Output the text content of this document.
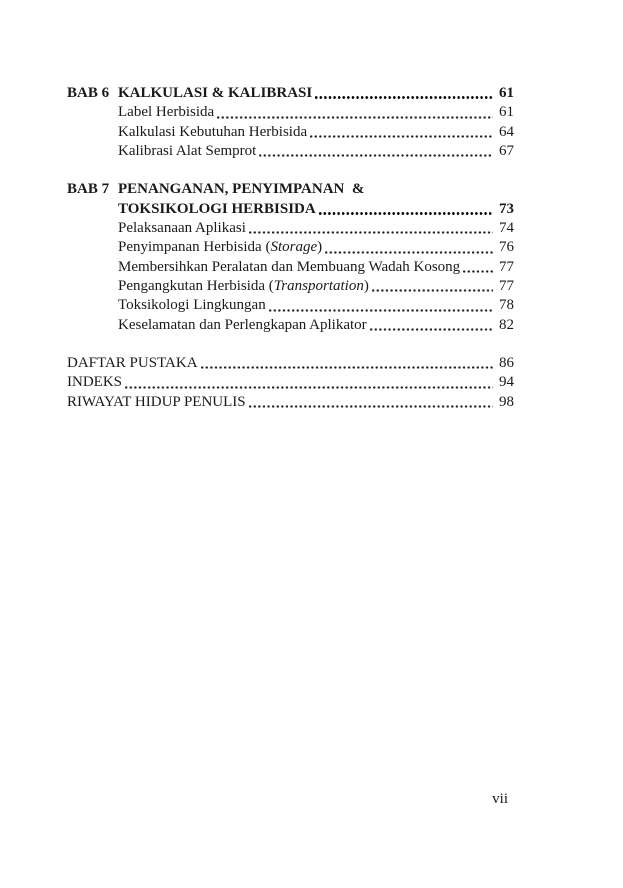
BAB 6 KALKULASI & KALIBRASI	61
Label Herbisida	61
Kalkulasi Kebutuhan Herbisida	64
Kalibrasi Alat Semprot	67
BAB 7 PENANGANAN, PENYIMPANAN  &
TOKSIKOLOGI HERBISIDA	73
Pelaksanaan Aplikasi	74
Penyimpanan Herbisida (Storage)	76
Membersihkan Peralatan dan Membuang Wadah Kosong	77
Pengangkutan Herbisida (Transportation)	77
Toksikologi Lingkungan	78
Keselamatan dan Perlengkapan Aplikator	82
DAFTAR PUSTAKA	86
INDEKS	94
RIWAYAT HIDUP PENULIS	98
vii
